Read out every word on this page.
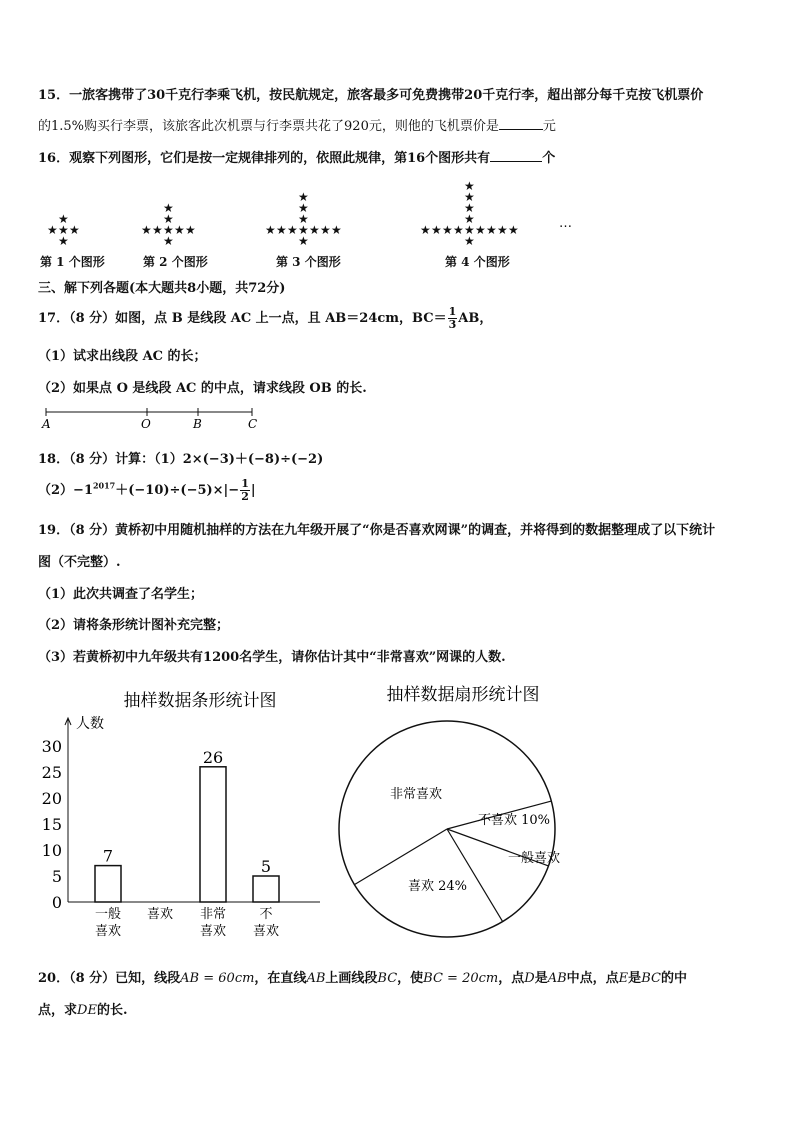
15．一旅客携带了30千克行李乘飞机，按民航规定，旅客最多可免费携带20千克行李，超出部分每千克按飞机票价
的1.5%购买行李票，该旅客此次机票与行李票共花了920元，则他的飞机票价是	元
16．观察下列图形，它们是按一定规律排列的，依照此规律，第16个图形共有	个
★
★
★
★ ★	★
★
★
★ ★
★
★	★	★
★
★
★ ★
★
★	★
★
★	★	★
★
★
★ ★
★
★	★
★
★	★
★
★	★	…
第 1 个图形	第 2 个图形	第 3 个图形	第 4 个图形
三、解下列各题(本大题共8小题，共72分)
17．（8 分）如图，点 B 是线段 AC 上一点，且 AB＝24cm，$BC= \frac{1}{3}$ AB，
（1）试求出线段 AC 的长；
（2）如果点 O 是线段 AC 的中点，请求线段 OB 的长.
A	O	B	C
18．（8 分）计算：（1）2×(−3)＋(−8)÷(−2)
$(2)-1^{2017}+(-10)\div(-5)\times|- \frac{1}{2}$ |
19．（8 分）黄桥初中用随机抽样的方法在九年级开展了“你是否喜欢网课”的调查，并将得到的数据整理成了以下统计
图（不完整）.
（1）此次共调查了名学生；
（2）请将条形统计图补充完整；
（3）若黄桥初中九年级共有1200名学生，请你估计其中“非常喜欢”网课的人数.
抽样数据条形统计图
人数
0
5
10
15
20
25
30
7
一般
喜欢
喜欢
26
非常
喜欢
5
不
喜欢
抽样数据扇形统计图
非常喜欢
不喜欢 10%
一般喜欢
喜欢 24%
20．（8 分）已知，线段AB = 60cm，在直线AB上画线段BC，使BC = 20cm，点D是AB中点，点E是BC的中
点，求DE的长.
